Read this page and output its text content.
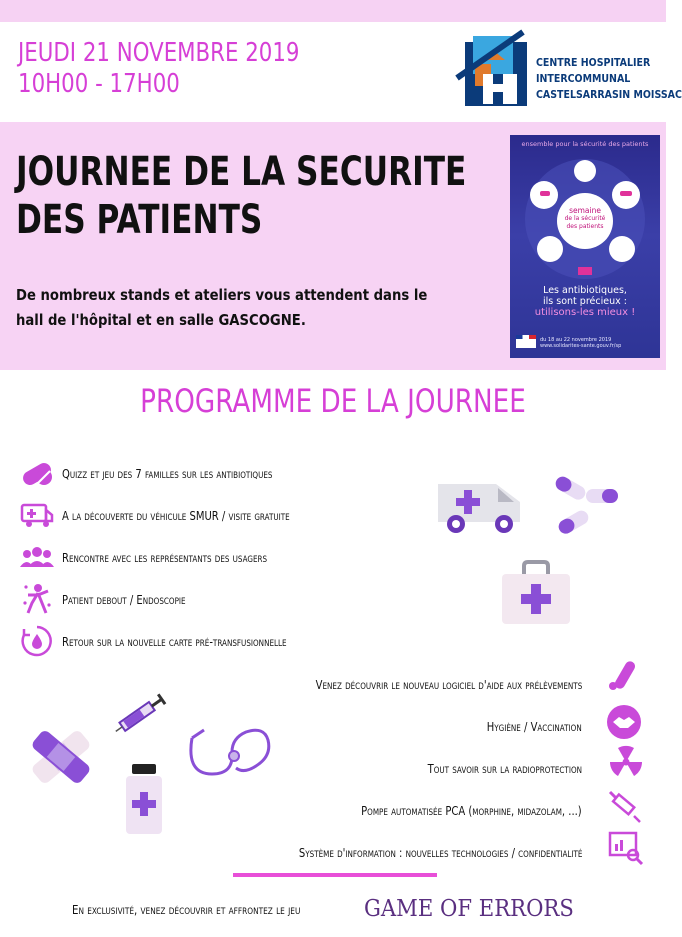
JEUDI 21 NOVEMBRE 2019
10H00 - 17H00
CENTRE HOSPITALIER
INTERCOMMUNAL
CASTELSARRASIN MOISSAC
JOURNEE DE LA SECURITE
DES PATIENTS
De nombreux stands et ateliers vous attendent dans le
hall de l'hôpital et en salle GASCOGNE.
ensemble pour la sécurité des patients
semaine
de la sécurité
des patients
Les antibiotiques,
ils sont précieux :
utilisons-les mieux !
du 18 au 22 novembre 2019
www.solidarites-sante.gouv.fr/sp
PROGRAMME DE LA JOURNEE
Quizz et jeu des 7 familles sur les antibiotiques
A la découverte du véhicule SMUR / visite gratuite
Rencontre avec les représentants des usagers
Patient debout / Endoscopie
Retour sur la nouvelle carte pré-transfusionnelle
Venez découvrir le nouveau logiciel d'aide aux prélèvements
Hygiène / Vaccination
Tout savoir sur la radioprotection
Pompe automatisée PCA (morphine, midazolam, ...)
Système d'information : nouvelles technologies / confidentialité
En exclusivité, venez découvrir et affrontez le jeu	GAME OF ERRORS
